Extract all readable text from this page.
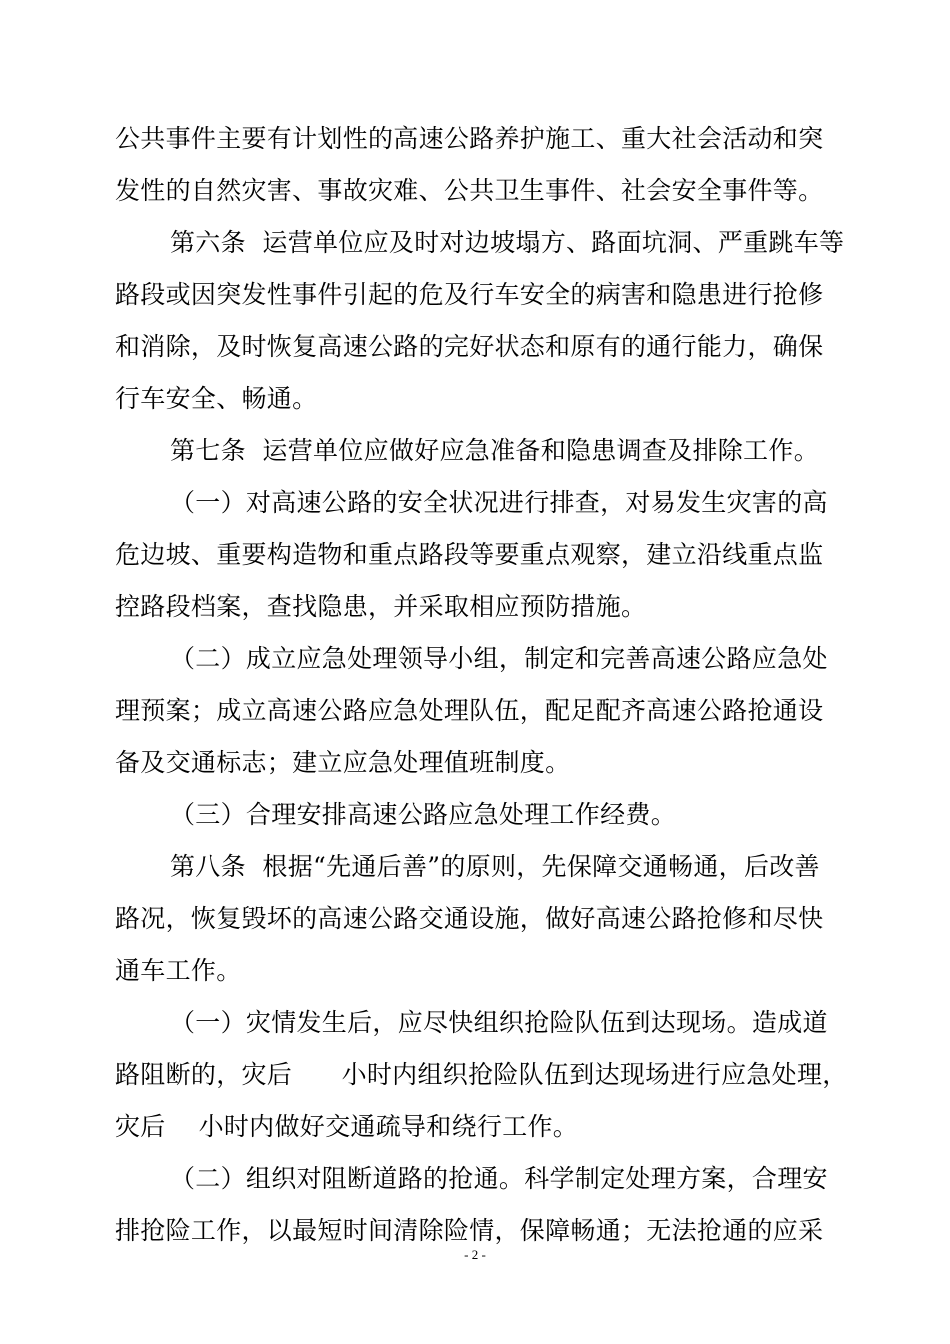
公共事件主要有计划性的高速公路养护施工、重大社会活动和突
发性的自然灾害、事故灾难、公共卫生事件、社会安全事件等。
第六条  运营单位应及时对边坡塌方、路面坑洞、严重跳车等
路段或因突发性事件引起的危及行车安全的病害和隐患进行抢修
和消除，及时恢复高速公路的完好状态和原有的通行能力，确保
行车安全、畅通。
第七条  运营单位应做好应急准备和隐患调查及排除工作。
（一）对高速公路的安全状况进行排查，对易发生灾害的高
危边坡、重要构造物和重点路段等要重点观察，建立沿线重点监
控路段档案，查找隐患，并采取相应预防措施。
（二）成立应急处理领导小组，制定和完善高速公路应急处
理预案；成立高速公路应急处理队伍，配足配齐高速公路抢通设
备及交通标志；建立应急处理值班制度。
（三）合理安排高速公路应急处理工作经费。
第八条  根据“先通后善”的原则，先保障交通畅通，后改善
路况，恢复毁坏的高速公路交通设施，做好高速公路抢修和尽快
通车工作。
（一）灾情发生后，应尽快组织抢险队伍到达现场。造成道
路阻断的，灾后      小时内组织抢险队伍到达现场进行应急处理，
灾后    小时内做好交通疏导和绕行工作。
（二）组织对阻断道路的抢通。科学制定处理方案，合理安
排抢险工作，以最短时间清除险情，保障畅通；无法抢通的应采
- 2 -
